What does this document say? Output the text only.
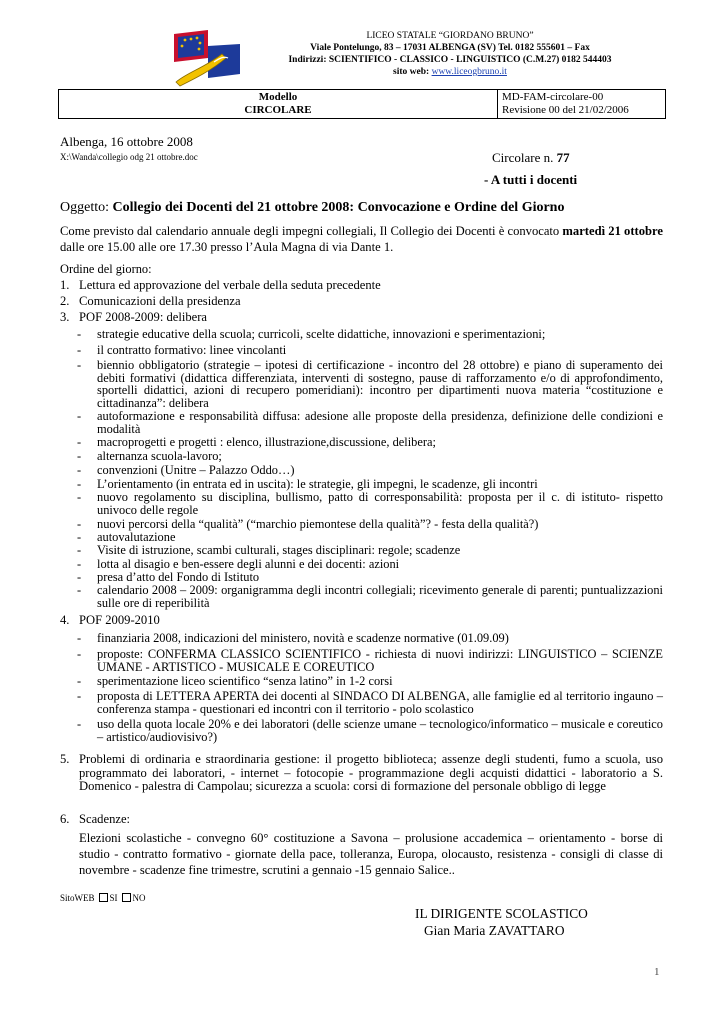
LICEO STATALE “GIORDANO BRUNO”
Viale Pontelungo, 83 – 17031 ALBENGA (SV) Tel. 0182 555601 – Fax
Indirizzi: SCIENTIFICO - CLASSICO - LINGUISTICO (C.M.27) 0182 544403
sito web: www.liceogbruno.it
Modello
CIRCOLARE	MD-FAM-circolare-00
Revisione 00 del 21/02/2006
Albenga, 16 ottobre 2008
X:\Wanda\collegio odg 21 ottobre.doc	Circolare n. 77
- A tutti i docenti
Oggetto: Collegio dei Docenti del 21 ottobre 2008: Convocazione e Ordine del Giorno
Come previsto dal calendario annuale degli impegni collegiali, Il Collegio dei Docenti è convocato martedì 21 ottobre dalle ore 15.00 alle ore 17.30 presso l’Aula Magna di via Dante 1.
Ordine del giorno:
1. Lettura ed approvazione del verbale della seduta precedente
2. Comunicazioni della presidenza
3. POF 2008-2009: delibera
- strategie educative della scuola; curricoli, scelte didattiche, innovazioni e sperimentazioni;
- il contratto formativo: linee vincolanti
- biennio obbligatorio (strategie – ipotesi di certificazione - incontro del 28 ottobre) e piano di superamento dei debiti formativi (didattica differenziata, interventi di sostegno, pause di rafforzamento e/o di approfondimento, sportelli didattici, azioni di recupero pomeridiani): incontro per dipartimenti nuova materia “costituzione e cittadinanza”: delibera
- autoformazione e responsabilità diffusa: adesione alle proposte della presidenza, definizione delle condizioni e modalità
- macroprogetti e progetti : elenco, illustrazione,discussione, delibera;
- alternanza scuola-lavoro;
- convenzioni (Unitre – Palazzo Oddo…)
- L’orientamento (in entrata ed in uscita): le strategie, gli impegni, le scadenze, gli incontri
- nuovo regolamento su disciplina, bullismo, patto di corresponsabilità: proposta per il c. di istituto- rispetto univoco delle regole
- nuovi percorsi della “qualità” (“marchio piemontese della qualità”? - festa della qualità?)
- autovalutazione
- Visite di istruzione, scambi culturali, stages disciplinari: regole; scadenze
- lotta al disagio e ben-essere degli alunni e dei docenti: azioni
- presa d’atto del Fondo di Istituto
- calendario 2008 – 2009: organigramma degli incontri collegiali; ricevimento generale di parenti; puntualizzazioni sulle ore di reperibilità
4. POF 2009-2010
- finanziaria 2008, indicazioni del ministero, novità e scadenze normative (01.09.09)
- proposte: CONFERMA CLASSICO SCIENTIFICO - richiesta di nuovi indirizzi: LINGUISTICO – SCIENZE UMANE - ARTISTICO - MUSICALE E COREUTICO
- sperimentazione liceo scientifico “senza latino” in 1-2 corsi
- proposta di LETTERA APERTA dei docenti al SINDACO DI ALBENGA, alle famiglie ed al territorio ingauno – conferenza stampa - questionari ed incontri con il territorio - polo scolastico
- uso della quota locale 20% e dei laboratori (delle scienze umane – tecnologico/informatico – musicale e coreutico – artistico/audiovisivo?)
5. Problemi di ordinaria e straordinaria gestione: il progetto biblioteca; assenze degli studenti, fumo a scuola, uso programmato dei laboratori, - internet – fotocopie - programmazione degli acquisti didattici - laboratorio a S. Domenico - palestra di Campolau; sicurezza a scuola: corsi di formazione del personale obbligo di legge
6. Scadenze:
Elezioni scolastiche - convegno 60° costituzione a Savona – prolusione accademica – orientamento - borse di studio - contratto formativo - giornate della pace, tolleranza, Europa, olocausto, resistenza - consigli di classe di novembre - scadenze fine trimestre, scrutini a gennaio -15 gennaio Salice..
SitoWEB SI NO
IL DIRIGENTE SCOLASTICO
Gian Maria ZAVATTARO
1
